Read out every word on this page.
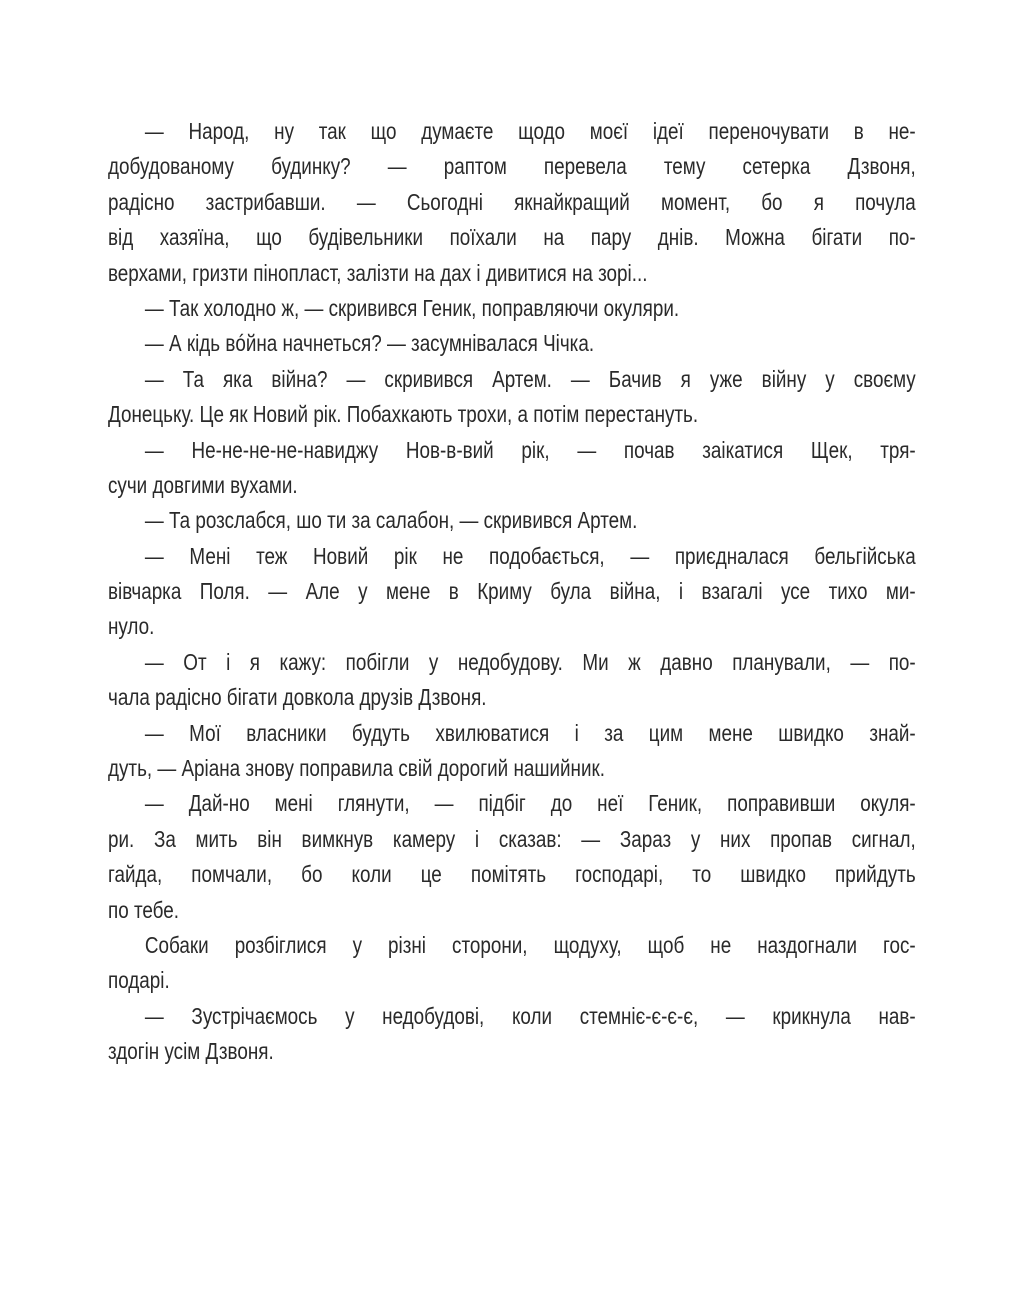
— Народ, ну так що думаєте щодо моєї ідеї переночувати в не-
добудованому будинку? — раптом перевела тему сетерка Дзвоня,
радісно застрибавши. — Сьогодні якнайкращий момент, бо я почула
від хазяїна, що будівельники поїхали на пару днів. Можна бігати по-
верхами, гризти пінопласт, залізти на дах і дивитися на зорі...
— Так холодно ж, — скривився Геник, поправляючи окуляри.
— А кідь вóйна начнеться? — засумнівалася Чічка.
— Та яка війна? — скривився Артем. — Бачив я уже війну у своєму
Донецьку. Це як Новий рік. Побахкають трохи, а потім перестануть.
— Не-не-не-не-навиджу Нов-в-вий рік, — почав заікатися Щек, тря-
сучи довгими вухами.
— Та розслабся, шо ти за салабон, — скривився Артем.
— Мені теж Новий рік не подобається, — приєдналася бельгійська
вівчарка Поля. — Але у мене в Криму була війна, і взагалі усе тихо ми-
нуло.
— От і я кажу: побігли у недобудову. Ми ж давно планували, — по-
чала радісно бігати довкола друзів Дзвоня.
— Мої власники будуть хвилюватися і за цим мене швидко знай-
дуть, — Аріана знову поправила свій дорогий нашийник.
— Дай-но мені глянути, — підбіг до неї Геник, поправивши окуля-
ри. За мить він вимкнув камеру і сказав: — Зараз у них пропав сигнал,
гайда, помчали, бо коли це помітять господарі, то швидко прийдуть
по тебе.
Собаки розбіглися у різні сторони, щодуху, щоб не наздогнали гос-
подарі.
— Зустрічаємось у недобудові, коли стемніє-є-є-є, — крикнула нав-
здогін усім Дзвоня.
